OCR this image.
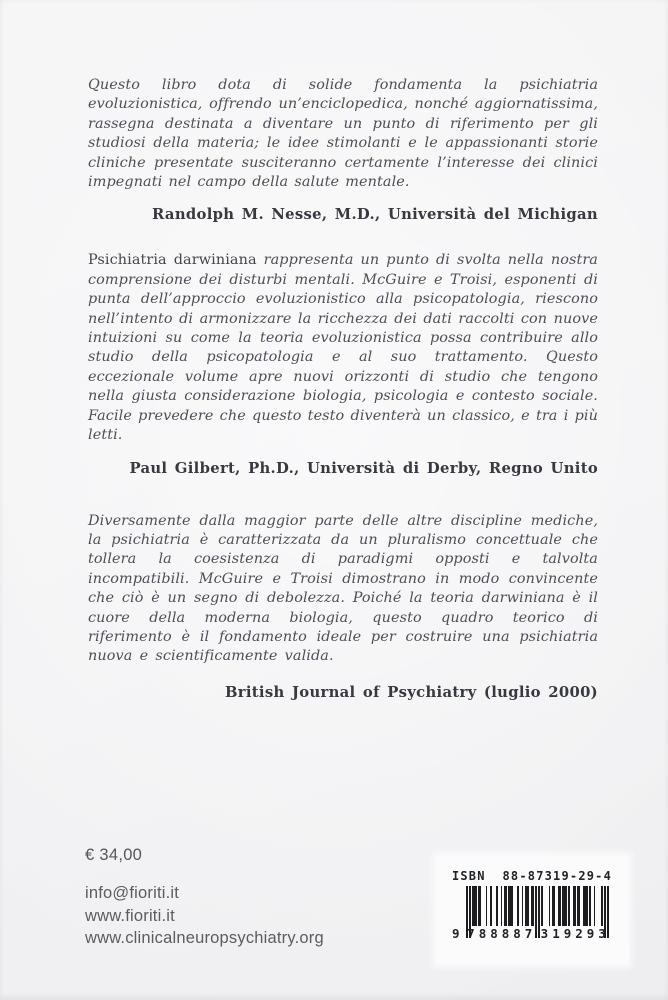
Questo libro dota di solide fondamenta la psichiatria evoluzionistica, offrendo un’enciclopedica, nonché aggiornatissima, rassegna destinata a diventare un punto di riferimento per gli studiosi della materia; le idee stimolanti e le appassionanti storie cliniche presentate susciteranno certamente l’interesse dei clinici impegnati nel campo della salute mentale.

Randolph M. Nesse, M.D., Università del Michigan

Psichiatria darwiniana rappresenta un punto di svolta nella nostra comprensione dei disturbi mentali. McGuire e Troisi, esponenti di punta dell’approccio evoluzionistico alla psicopatologia, riescono nell’intento di armonizzare la ricchezza dei dati raccolti con nuove intuizioni su come la teoria evoluzionistica possa contribuire allo studio della psicopatologia e al suo trattamento. Questo eccezionale volume apre nuovi orizzonti di studio che tengono nella giusta considerazione biologia, psicologia e contesto sociale. Facile prevedere che questo testo diventerà un classico, e tra i più letti.

Paul Gilbert, Ph.D., Università di Derby, Regno Unito

Diversamente dalla maggior parte delle altre discipline mediche, la psichiatria è caratterizzata da un pluralismo concettuale che tollera la coesistenza di paradigmi opposti e talvolta incompatibili. McGuire e Troisi dimostrano in modo convincente che ciò è un segno di debolezza. Poiché la teoria darwiniana è il cuore della moderna biologia, questo quadro teorico di riferimento è il fondamento ideale per costruire una psichiatria nuova e scientificamente valida.

British Journal of Psychiatry (luglio 2000)

€ 34,00
info@fioriti.it
www.fioriti.it
www.clinicalneuropsychiatry.org
ISBN  88-87319-29-4
9 788887 319293
